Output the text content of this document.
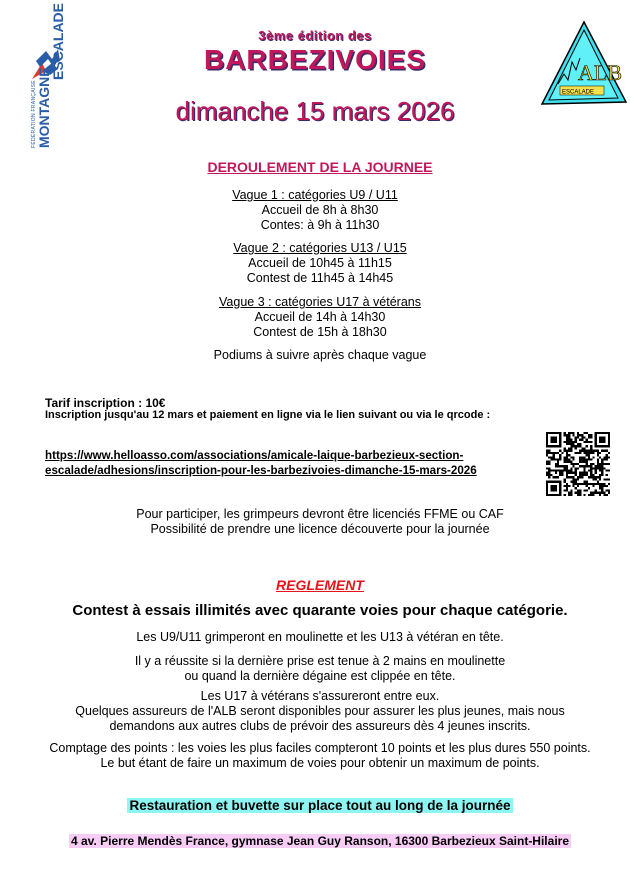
FÉDÉRATION FRANÇAISE MONTAGNE
ESCALADE	3ème édition des
BARBEZIVOIES
dimanche 15 mars 2026
ALB
ESCALADE
DEROULEMENT DE LA JOURNEE
Vague 1 : catégories U9 / U11
Accueil de 8h à 8h30
Contes: à 9h à 11h30
Vague 2 : catégories U13 / U15
Accueil de 10h45 à 11h15
Contest de 11h45 à 14h45
Vague 3 : catégories U17 à vétérans
Accueil de 14h à 14h30
Contest de 15h à 18h30
Podiums à suivre après chaque vague
Tarif inscription : 10€
Inscription jusqu'au 12 mars et paiement en ligne via le lien suivant ou via le qrcode :
https://www.helloasso.com/associations/amicale-laique-barbezieux-section-
escalade/adhesions/inscription-pour-les-barbezivoies-dimanche-15-mars-2026
Pour participer, les grimpeurs devront être licenciés FFME ou CAF
Possibilité de prendre une licence découverte pour la journée
REGLEMENT
Contest à essais illimités avec quarante voies pour chaque catégorie.
Les U9/U11 grimperont en moulinette et les U13 à vétéran en tête.
Il y a réussite si la dernière prise est tenue à 2 mains en moulinette
ou quand la dernière dégaine est clippée en tête.
Les U17 à vétérans s'assureront entre eux.
Quelques assureurs de l'ALB seront disponibles pour assurer les plus jeunes, mais nous
demandons aux autres clubs de prévoir des assureurs dès 4 jeunes inscrits.
Comptage des points : les voies les plus faciles compteront 10 points et les plus dures 550 points.
Le but étant de faire un maximum de voies pour obtenir un maximum de points.
Restauration et buvette sur place tout au long de la journée
4 av. Pierre Mendès France, gymnase Jean Guy Ranson, 16300 Barbezieux Saint-Hilaire
